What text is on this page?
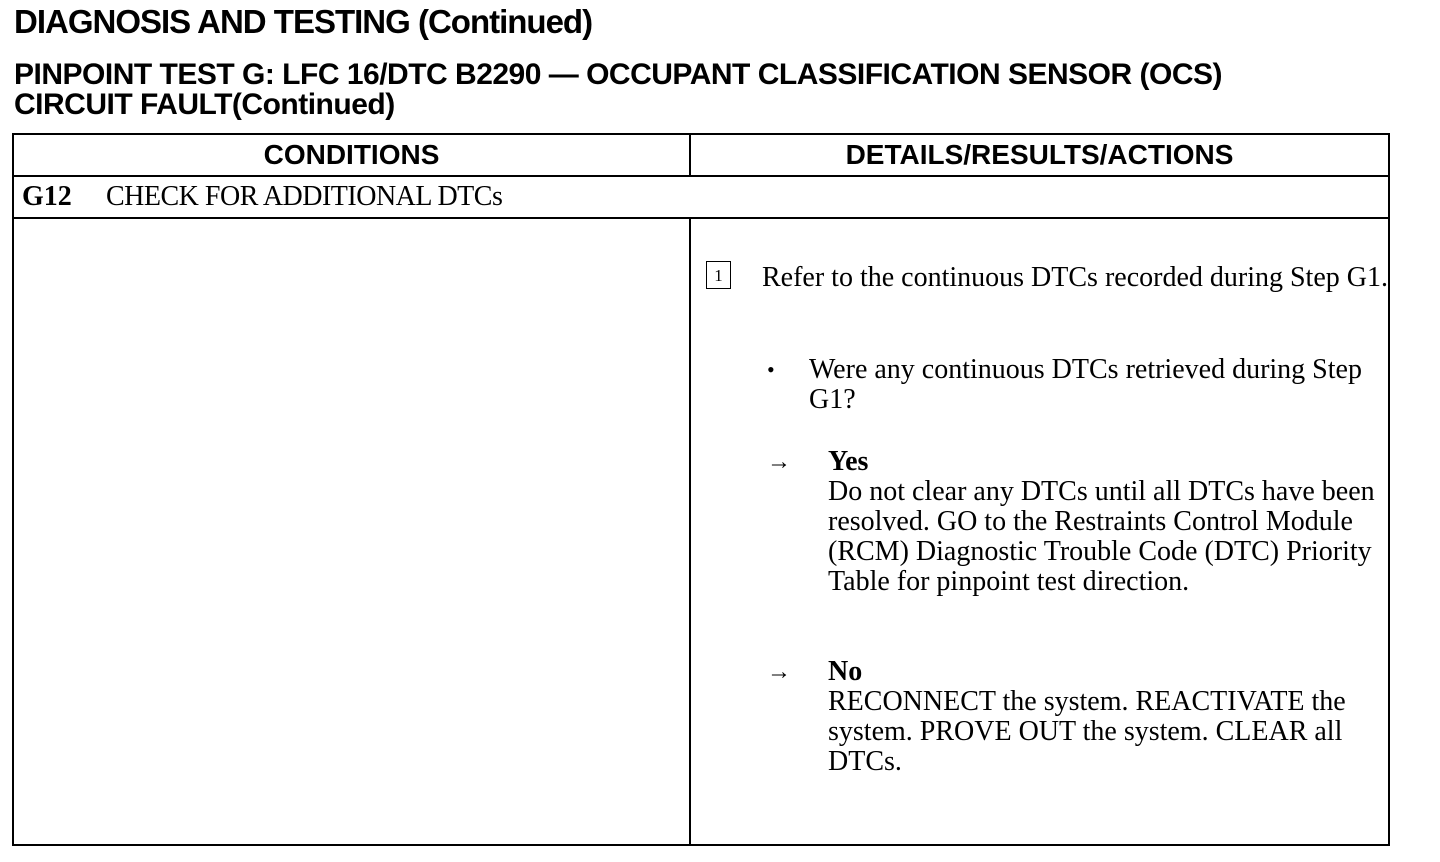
DIAGNOSIS AND TESTING (Continued)
PINPOINT TEST G: LFC 16/DTC B2290 — OCCUPANT CLASSIFICATION SENSOR (OCS)
CIRCUIT FAULT(Continued)
CONDITIONS	DETAILS/RESULTS/ACTIONS
G12 CHECK FOR ADDITIONAL DTCs
1 Refer to the continuous DTCs recorded during Step G1.
• Were any continuous DTCs retrieved during Step G1?
→ Yes
Do not clear any DTCs until all DTCs have been resolved. GO to the Restraints Control Module (RCM) Diagnostic Trouble Code (DTC) Priority Table for pinpoint test direction.
→ No
RECONNECT the system. REACTIVATE the system. PROVE OUT the system. CLEAR all DTCs.
